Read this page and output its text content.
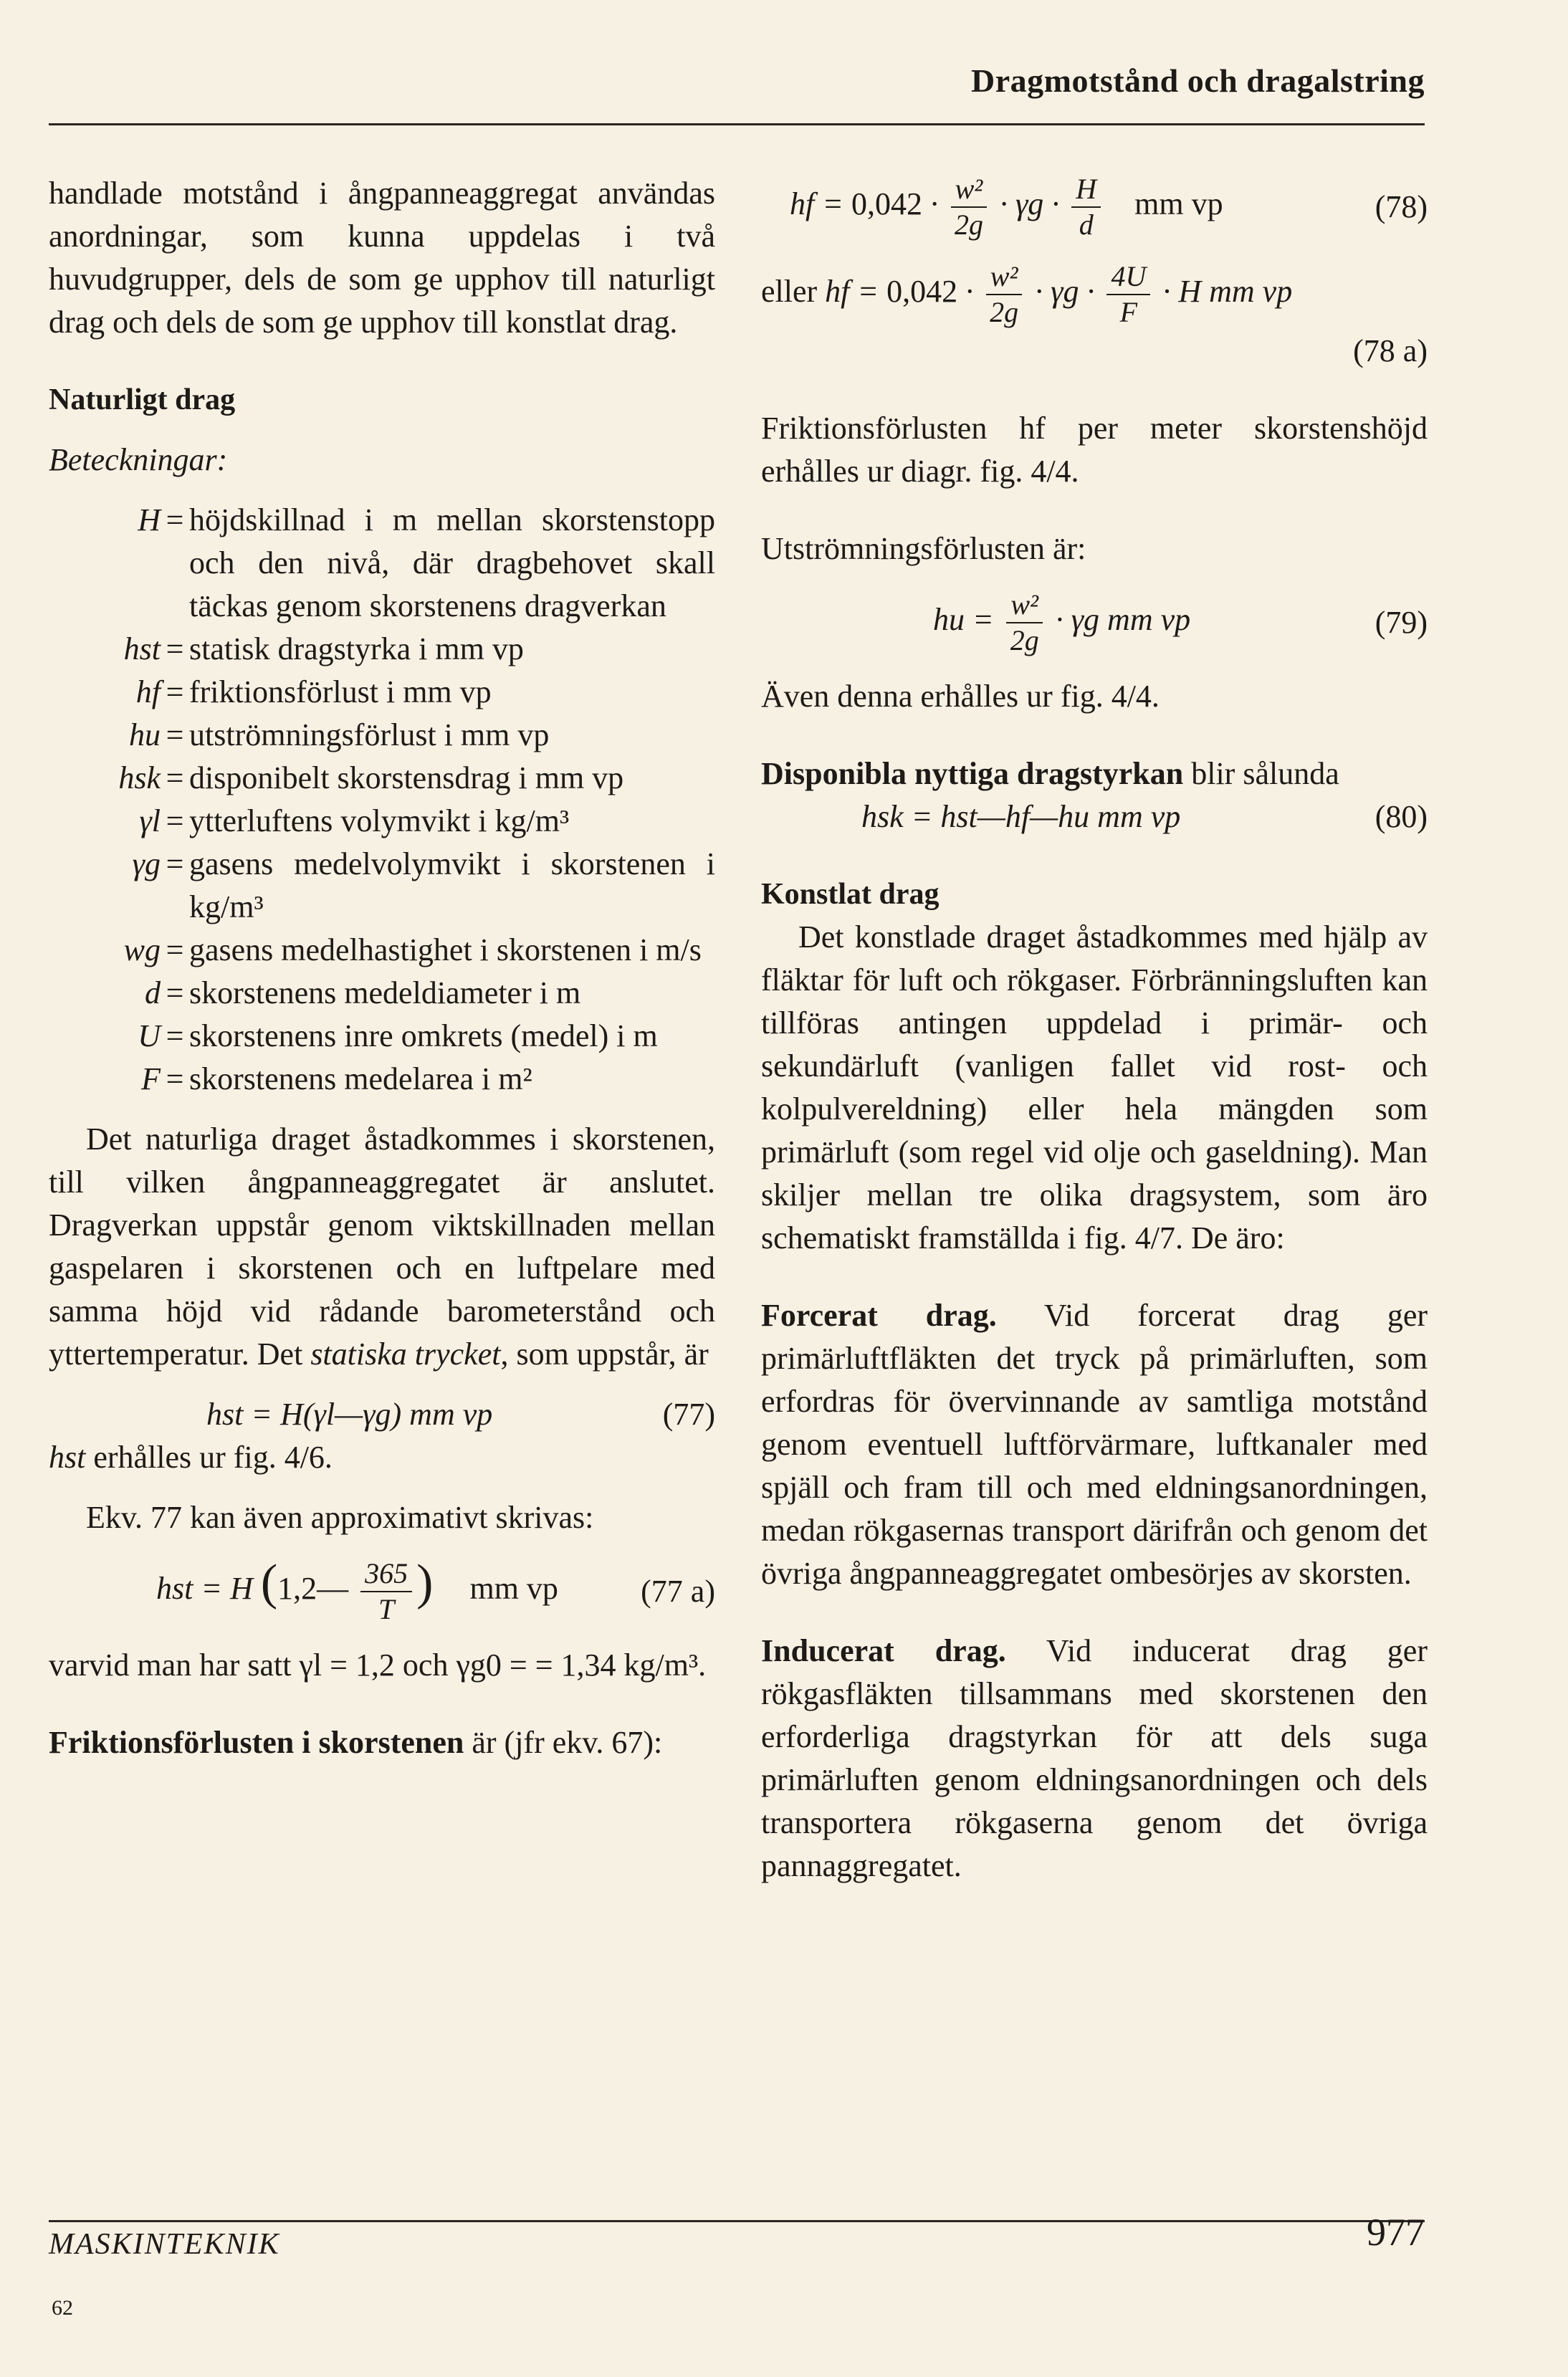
Dragmotstånd och dragalstring

handlade motstånd i ångpanneaggregat användas anordningar, som kunna uppdelas i två huvudgrupper, dels de som ge upphov till naturligt drag och dels de som ge upphov till konstlat drag.

Naturligt drag

Beteckningar:

H = höjdskillnad i m mellan skorstenstopp och den nivå, där dragbehovet skall täckas genom skorstenens dragverkan
hst = statisk dragstyrka i mm vp
hf = friktionsförlust i mm vp
hu = utströmningsförlust i mm vp
hsk = disponibelt skorstensdrag i mm vp
γl = ytterluftens volymvikt i kg/m³
γg = gasens medelvolymvikt i skorstenen i kg/m³
wg = gasens medelhastighet i skorstenen i m/s
d = skorstenens medeldiameter i m
U = skorstenens inre omkrets (medel) i m
F = skorstenens medelarea i m²

Det naturliga draget åstadkommes i skorstenen, till vilken ångpanneaggregatet är anslutet. Dragverkan uppstår genom viktskillnaden mellan gaspelaren i skorstenen och en luftpelare med samma höjd vid rådande barometerstånd och yttertemperatur. Det statiska trycket, som uppstår, är

hst = H(γl—γg) mm vp	(77)

hst erhålles ur fig. 4/6.

Ekv. 77 kan även approximativt skrivas:

hst = H (1,2— $\frac{365}{T}$ ) mm vp	(77 a)

varvid man har satt γl = 1,2 och γg0 = = 1,34 kg/m³.

Friktionsförlusten i skorstenen är (jfr ekv. 67):

hf = $0,042 \cdot \frac{\text{w²}}{2g} \cdot \gamma g \cdot \frac{H}{d}$ mm vp	(78)
eller hf = $0,042 \cdot \frac{\text{w²}}{2g} \cdot \gamma g \cdot \frac{4U}{F} \cdot H$ mm vp
(78 a)

Friktionsförlusten hf per meter skorstenshöjd erhålles ur diagr. fig. 4/4.

Utströmningsförlusten är:

hu = $\frac{\text{w²}}{2g} \cdot \gamma g$ mm vp	(79)

Även denna erhålles ur fig. 4/4.

Disponibla nyttiga dragstyrkan blir sålunda

hsk = hst—hf—hu mm vp	(80)

Konstlat drag

Det konstlade draget åstadkommes med hjälp av fläktar för luft och rökgaser. Förbränningsluften kan tillföras antingen uppdelad i primär- och sekundärluft (vanligen fallet vid rost- och kolpulvereldning) eller hela mängden som primärluft (som regel vid olje och gaseldning). Man skiljer mellan tre olika dragsystem, som äro schematiskt framställda i fig. 4/7. De äro:

Forcerat drag. Vid forcerat drag ger primärluftfläkten det tryck på primärluften, som erfordras för övervinnande av samtliga motstånd genom eventuell luftförvärmare, luftkanaler med spjäll och fram till och med eldningsanordningen, medan rökgasernas transport därifrån och genom det övriga ångpanneaggregatet ombesörjes av skorsten.

Inducerat drag. Vid inducerat drag ger rökgasfläkten tillsammans med skorstenen den erforderliga dragstyrkan för att dels suga primärluften genom eldningsanordningen och dels transportera rökgaserna genom det övriga pannaggregatet.

MASKINTEKNIK	977
62
